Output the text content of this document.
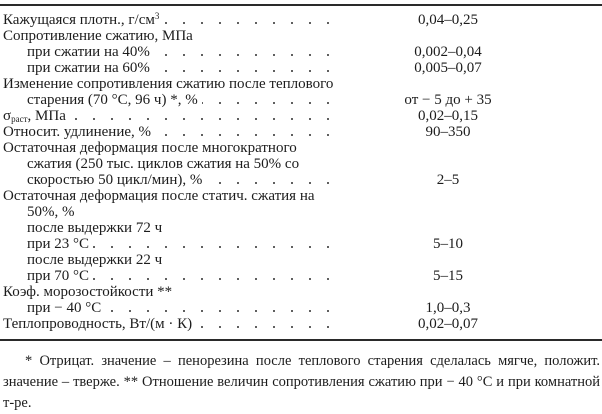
Кажущаяся плотн., $г/см^3$	0,04–0,25
Сопротивление сжатию, МПа
при сжатии на 40%	0,002–0,04
при сжатии на 60%	0,005–0,07
Изменение сопротивления сжатию после теплового
старения (70 °C, 96 ч) *, %	от − 5 до + 35
$\sigma_{раст}$, МПа	0,02–0,15
Относит. удлинение, %	90–350
Остаточная деформация после многократного
сжатия (250 тыс. циклов сжатия на 50% со
скоростью 50 цикл/мин), %	2–5
Остаточная деформация после статич. сжатия на
50%, %
после выдержки 72 ч
при 23 °C	5–10
после выдержки 22 ч
при 70 °C	5–15
Коэф. морозостойкости **
при − 40 °C	1,0–0,3
Теплопроводность, Вт/(м · К)	0,02–0,07

* Отрицат. значение – пенорезина после теплового старения сделалась мягче, положит. значение – тверже. ** Отношение величин сопротивления сжатию при − 40 °C и при комнатной т-ре.
